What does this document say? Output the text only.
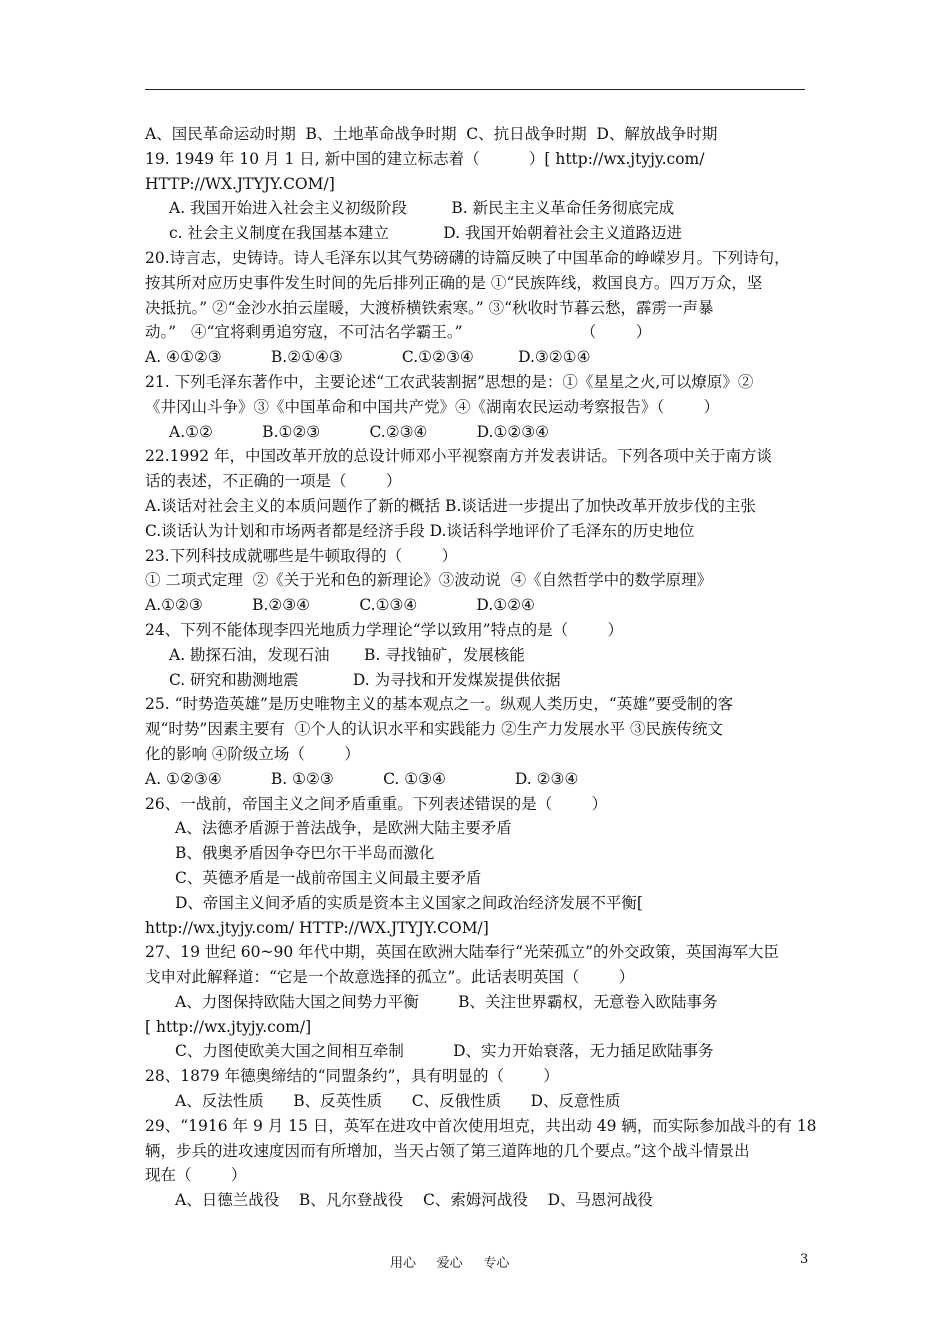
A、国民革命运动时期  B、土地革命战争时期  C、抗日战争时期  D、解放战争时期
19. 1949 年 10 月 1 日, 新中国的建立标志着（          ）[ http://wx.jtyjy.com/
HTTP://WX.JTYJY.COM/]
A. 我国开始进入社会主义初级阶段         B. 新民主主义革命任务彻底完成
c. 社会主义制度在我国基本建立           D. 我国开始朝着社会主义道路迈进
20.诗言志，史铸诗。诗人毛泽东以其气势磅礴的诗篇反映了中国革命的峥嵘岁月。下列诗句，
按其所对应历史事件发生时间的先后排列正确的是 ①“民族阵线，救国良方。四万万众，坚
决抵抗。” ②“金沙水拍云崖暖，大渡桥横铁索寒。” ③“秋收时节暮云愁，霹雳一声暴
动。”   ④“宜将剩勇追穷寇，不可沽名学霸王。”                        （        ）
A. ④①②③          B.②①④③            C.①②③④         D.③②①④
21. 下列毛泽东著作中，主要论述“工农武装割据”思想的是：①《星星之火,可以燎原》②
《井冈山斗争》③《中国革命和中国共产党》④《湖南农民运动考察报告》（        ）
A.①②          B.①②③          C.②③④          D.①②③④
22.1992 年，中国改革开放的总设计师邓小平视察南方并发表讲话。下列各项中关于南方谈
话的表述，不正确的一项是（        ）
A.谈话对社会主义的本质问题作了新的概括 B.谈话进一步提出了加快改革开放步伐的主张
C.谈话认为计划和市场两者都是经济手段 D.谈话科学地评价了毛泽东的历史地位
23.下列科技成就哪些是牛顿取得的（        ）
① 二项式定理  ②《关于光和色的新理论》③波动说  ④《自然哲学中的数学原理》
A.①②③          B.②③④          C.①③④            D.①②④
24、下列不能体现李四光地质力学理论“学以致用”特点的是（        ）
A. 勘探石油，发现石油       B. 寻找铀矿，发展核能
C. 研究和勘测地震           D. 为寻找和开发煤炭提供依据
25. “时势造英雄”是历史唯物主义的基本观点之一。纵观人类历史，“英雄”要受制的客
观“时势”因素主要有  ①个人的认识水平和实践能力 ②生产力发展水平 ③民族传统文
化的影响 ④阶级立场（        ）
A. ①②③④          B. ①②③          C. ①③④              D. ②③④
26、一战前，帝国主义之间矛盾重重。下列表述错误的是（        ）
A、法德矛盾源于普法战争，是欧洲大陆主要矛盾
B、俄奥矛盾因争夺巴尔干半岛而激化
C、英德矛盾是一战前帝国主义间最主要矛盾
D、帝国主义间矛盾的实质是资本主义国家之间政治经济发展不平衡[
http://wx.jtyjy.com/ HTTP://WX.JTYJY.COM/]
27、19 世纪 60~90 年代中期，英国在欧洲大陆奉行“光荣孤立”的外交政策，英国海军大臣
戈申对此解释道：“它是一个故意选择的孤立”。此话表明英国（        ）
A、力图保持欧陆大国之间势力平衡        B、关注世界霸权，无意卷入欧陆事务
[ http://wx.jtyjy.com/]
C、力图使欧美大国之间相互牵制          D、实力开始衰落，无力插足欧陆事务
28、1879 年德奥缔结的“同盟条约”，具有明显的（        ）
A、反法性质      B、反英性质      C、反俄性质      D、反意性质
29、“1916 年 9 月 15 日，英军在进攻中首次使用坦克，共出动 49 辆，而实际参加战斗的有 18
辆，步兵的进攻速度因而有所增加，当天占领了第三道阵地的几个要点。”这个战斗情景出
现在（        ）
A、日德兰战役    B、凡尔登战役    C、索姆河战役    D、马恩河战役
用心     爱心     专心	3
